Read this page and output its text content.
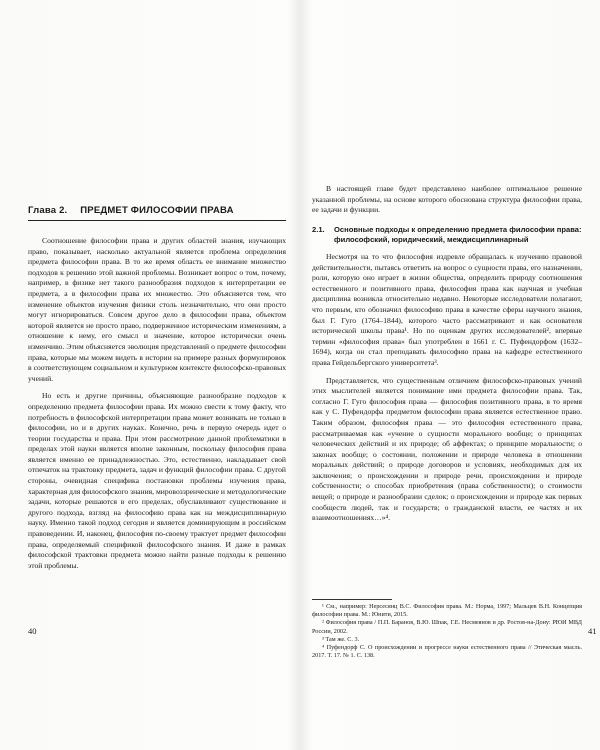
Глава 2. ПРЕДМЕТ ФИЛОСОФИИ ПРАВА

Соотношение философии права и других областей знания, изучающих право, показывает, насколько актуальной является проблема определения предмета философии права. В то же время область ее внимание множество подходов к решению этой важной проблемы. Возникает вопрос о том, почему, например, в физике нет такого разнообразия подходов к интерпретации ее предмета, а в философии права их множество. Это объясняется тем, что изменение объектов изучения физики столь незначительно, что они просто могут игнорироваться. Совсем другое дело в философии права, объектом которой является не просто право, подверженное историческим изменениям, а отношение к нему, его смысл и значение, которое исторически очень изменчиво. Этим объясняется эволюция представлений о предмете философии права, которые мы можем видеть в истории на примере разных формулировок в соответствующем социальном и культурном контексте философско-правовых учений.

Но есть и другие причины, объясняющие разнообразие подходов к определению предмета философии права. Их можно свести к тому факту, что потребность в философской интерпретации права может возникать не только в философии, но и в других науках. Конечно, речь в первую очередь идет о теории государства и права. При этом рассмотрение данной проблематики в пределах этой науки является вполне законным, поскольку философия права является именно ее принадлежностью. Это, естественно, накладывает свой отпечаток на трактовку предмета, задач и функций философии права. С другой стороны, очевидная специфика постановки проблемы изучения права, характерная для философского знания, мировоззренческие и методологические задачи, которые решаются в его пределах, обуславливают существование и другого подхода, взгляд на философию права как на междисциплинарную науку. Именно такой подход сегодня и является доминирующим в российском правоведении. И, наконец, философия по-своему трактует предмет философии права, определяемый спецификой философского знания. И даже в рамках философской трактовки предмета можно найти разные подходы к решению этой проблемы.

40

В настоящей главе будет представлено наиболее оптимальное решение указанной проблемы, на основе которого обоснована структура философии права, ее задачи и функции.

2.1.	Основные подходы к определению предмета философии права: философский, юридический, междисциплинарный

Несмотря на то что философия издревле обращалась к изучению правовой действительности, пытаясь ответить на вопрос о сущности права, его назначении, роли, которую оно играет в жизни общества, определить природу соотношения естественного и позитивного права, философия права как научная и учебная дисциплина возникла относительно недавно. Некоторые исследователи полагают, что первым, кто обозначил философию права в качестве сферы научного знания, был Г. Гуго (1764–1844), которого часто рассматривают и как основателя исторической школы права¹. Но по оценкам других исследователей², впервые термин «философия права» был употреблен в 1661 г. С. Пуфендорфом (1632–1694), когда он стал преподавать философию права на кафедре естественного права Гейдельбергского университета³.

Представляется, что существенным отличием философско-правовых учений этих мыслителей является понимание ими предмета философии права. Так, согласно Г. Гуго философия права — философия позитивного права, в то время как у С. Пуфендорфа предметом философии права является естественное право. Таким образом, философия права — это философия естественного права, рассматриваемая как «учение о сущности морального вообще; о принципах человеческих действий и их природе; об аффектах; о принципе моральности; о законах вообще; о состоянии, положении и природе человека в отношении моральных действий; о природе договоров и условиях, необходимых для их заключения; о происхождении и природе речи, происхождении и природе собственности; о способах приобретения (права собственности); о стоимости вещей; о природе и разнообразии сделок; о происхождении и природе как первых сообществ людей, так и государств; о гражданской власти, ее частях и их взаимоотношениях…»⁴.

¹ См., например: Нерсесянц В.С. Философия права. М.: Норма, 1997; Мальцев В.Н. Концепция философии права. М.: Юнити, 2015.

² Философия права / П.П. Баранов, В.Ю. Шпак, Г.Е. Несмеянов и др. Ростов-на-Дону: РЮИ МВД России, 2002.

³ Там же. С. 3.

⁴ Пуфендорф С. О происхождении и прогрессе науки естественного права // Этическая мысль. 2017. Т. 17. № 1. С. 138.

41
